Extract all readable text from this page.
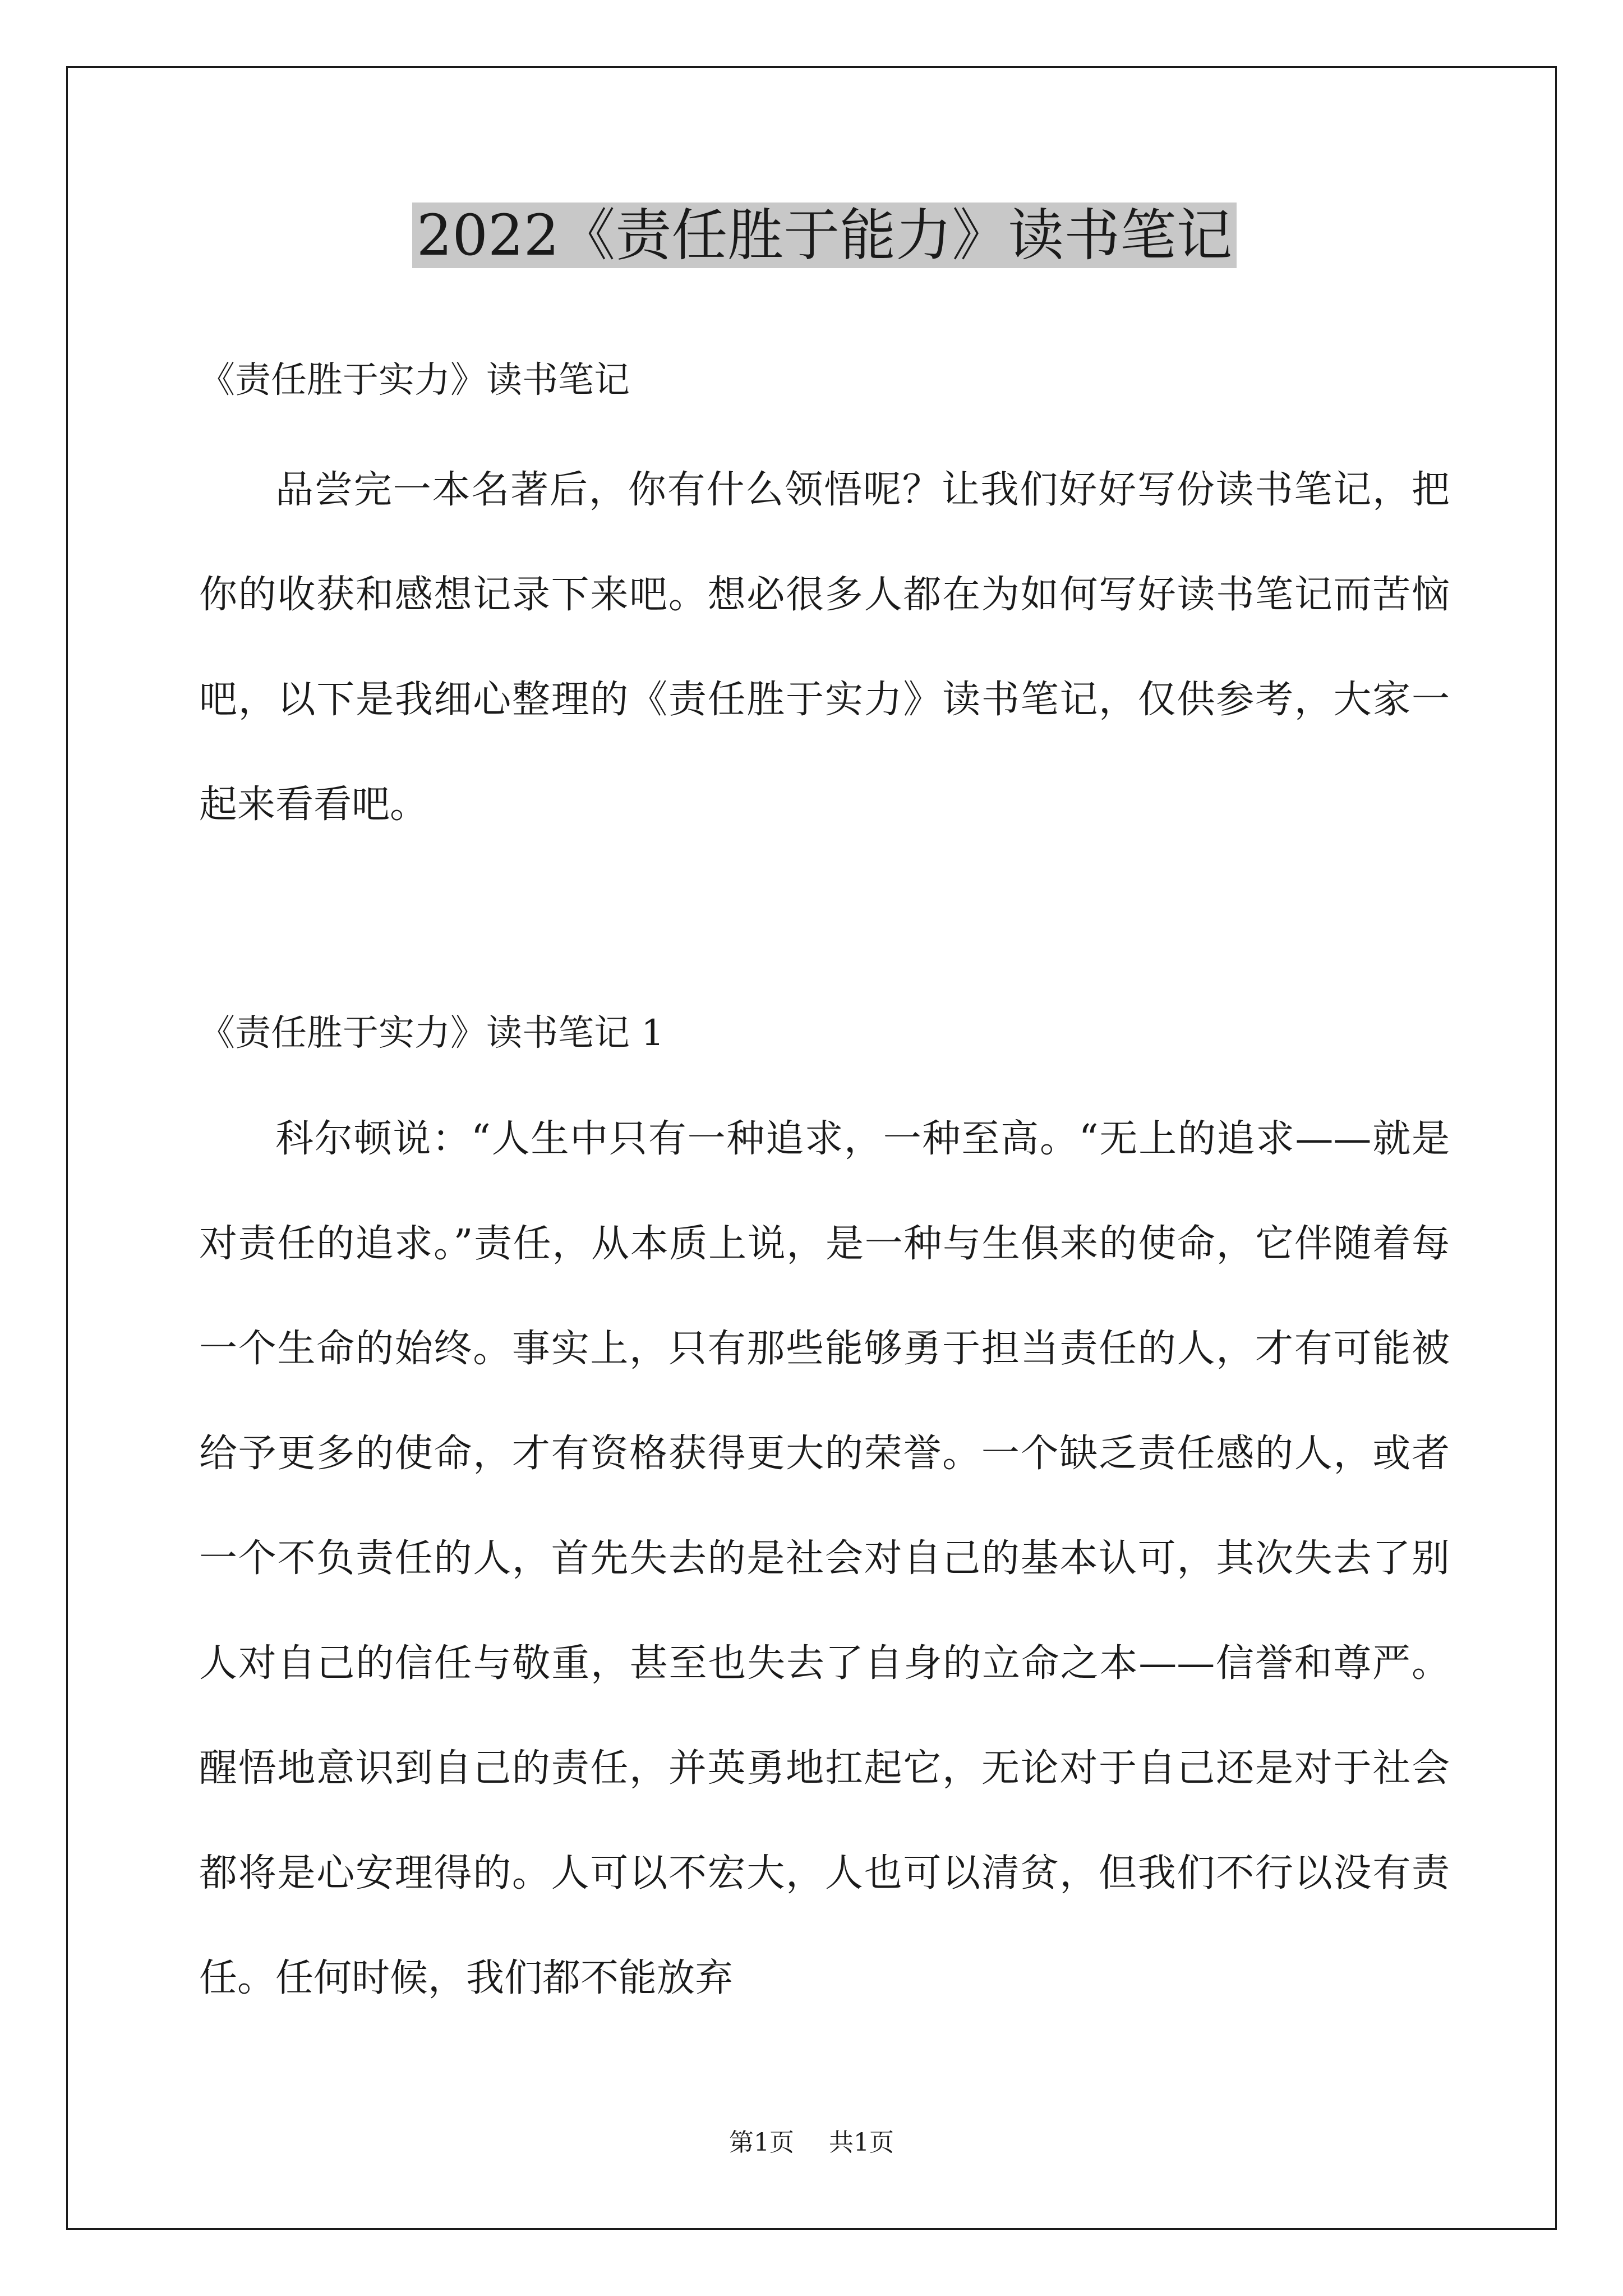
2022《责任胜于能力》读书笔记

《责任胜于实力》读书笔记

品尝完一本名著后，你有什么领悟呢？让我们好好写份读书笔记，把你的收获和感想记录下来吧。想必很多人都在为如何写好读书笔记而苦恼吧，以下是我细心整理的《责任胜于实力》读书笔记，仅供参考，大家一起来看看吧。

《责任胜于实力》读书笔记 1

科尔顿说：“人生中只有一种追求，一种至高。“无上的追求——就是对责任的追求。”责任，从本质上说，是一种与生俱来的使命，它伴随着每一个生命的始终。事实上，只有那些能够勇于担当责任的人，才有可能被给予更多的使命，才有资格获得更大的荣誉。一个缺乏责任感的人，或者一个不负责任的人，首先失去的是社会对自己的基本认可，其次失去了别人对自己的信任与敬重，甚至也失去了自身的立命之本——信誉和尊严。醒悟地意识到自己的责任，并英勇地扛起它，无论对于自己还是对于社会都将是心安理得的。人可以不宏大，人也可以清贫，但我们不行以没有责任。任何时候，我们都不能放弃

第1页 共1页
